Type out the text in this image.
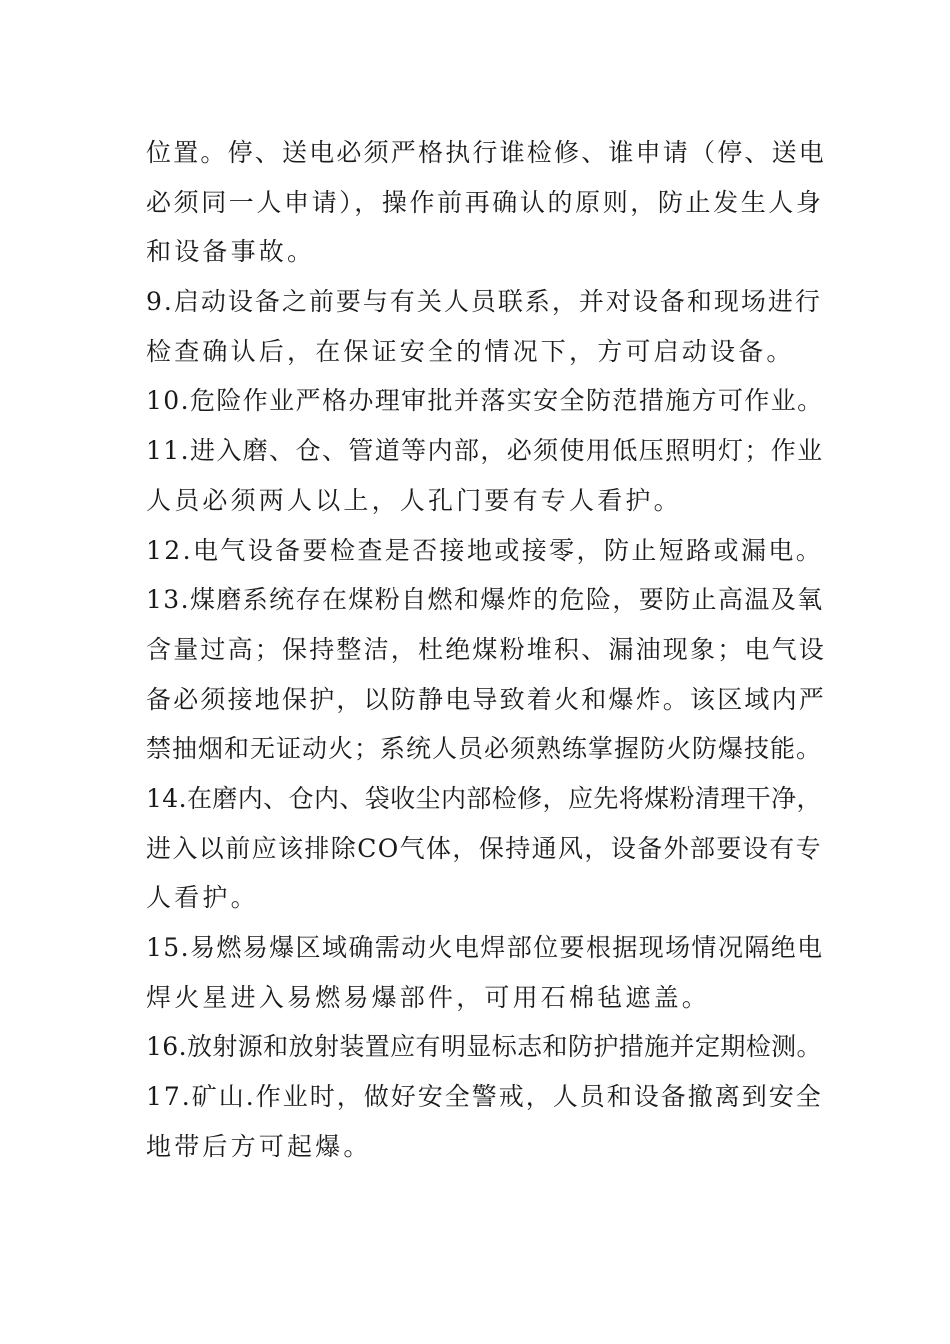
位置。停、送电必须严格执行谁检修、谁申请（停、送电
必须同一人申请），操作前再确认的原则，防止发生人身
和设备事故。
9.启动设备之前要与有关人员联系，并对设备和现场进行
检查确认后，在保证安全的情况下，方可启动设备。
10.危险作业严格办理审批并落实安全防范措施方可作业。
11.进入磨、仓、管道等内部，必须使用低压照明灯；作业
人员必须两人以上，人孔门要有专人看护。
12.电气设备要检查是否接地或接零，防止短路或漏电。
13.煤磨系统存在煤粉自燃和爆炸的危险，要防止高温及氧
含量过高；保持整洁，杜绝煤粉堆积、漏油现象；电气设
备必须接地保护，以防静电导致着火和爆炸。该区域内严
禁抽烟和无证动火；系统人员必须熟练掌握防火防爆技能。
14.在磨内、仓内、袋收尘内部检修，应先将煤粉清理干净，
进入以前应该排除CO气体，保持通风，设备外部要设有专
人看护。
15.易燃易爆区域确需动火电焊部位要根据现场情况隔绝电
焊火星进入易燃易爆部件，可用石棉毡遮盖。
16.放射源和放射装置应有明显标志和防护措施并定期检测。
17.矿山.作业时，做好安全警戒，人员和设备撤离到安全
地带后方可起爆。
